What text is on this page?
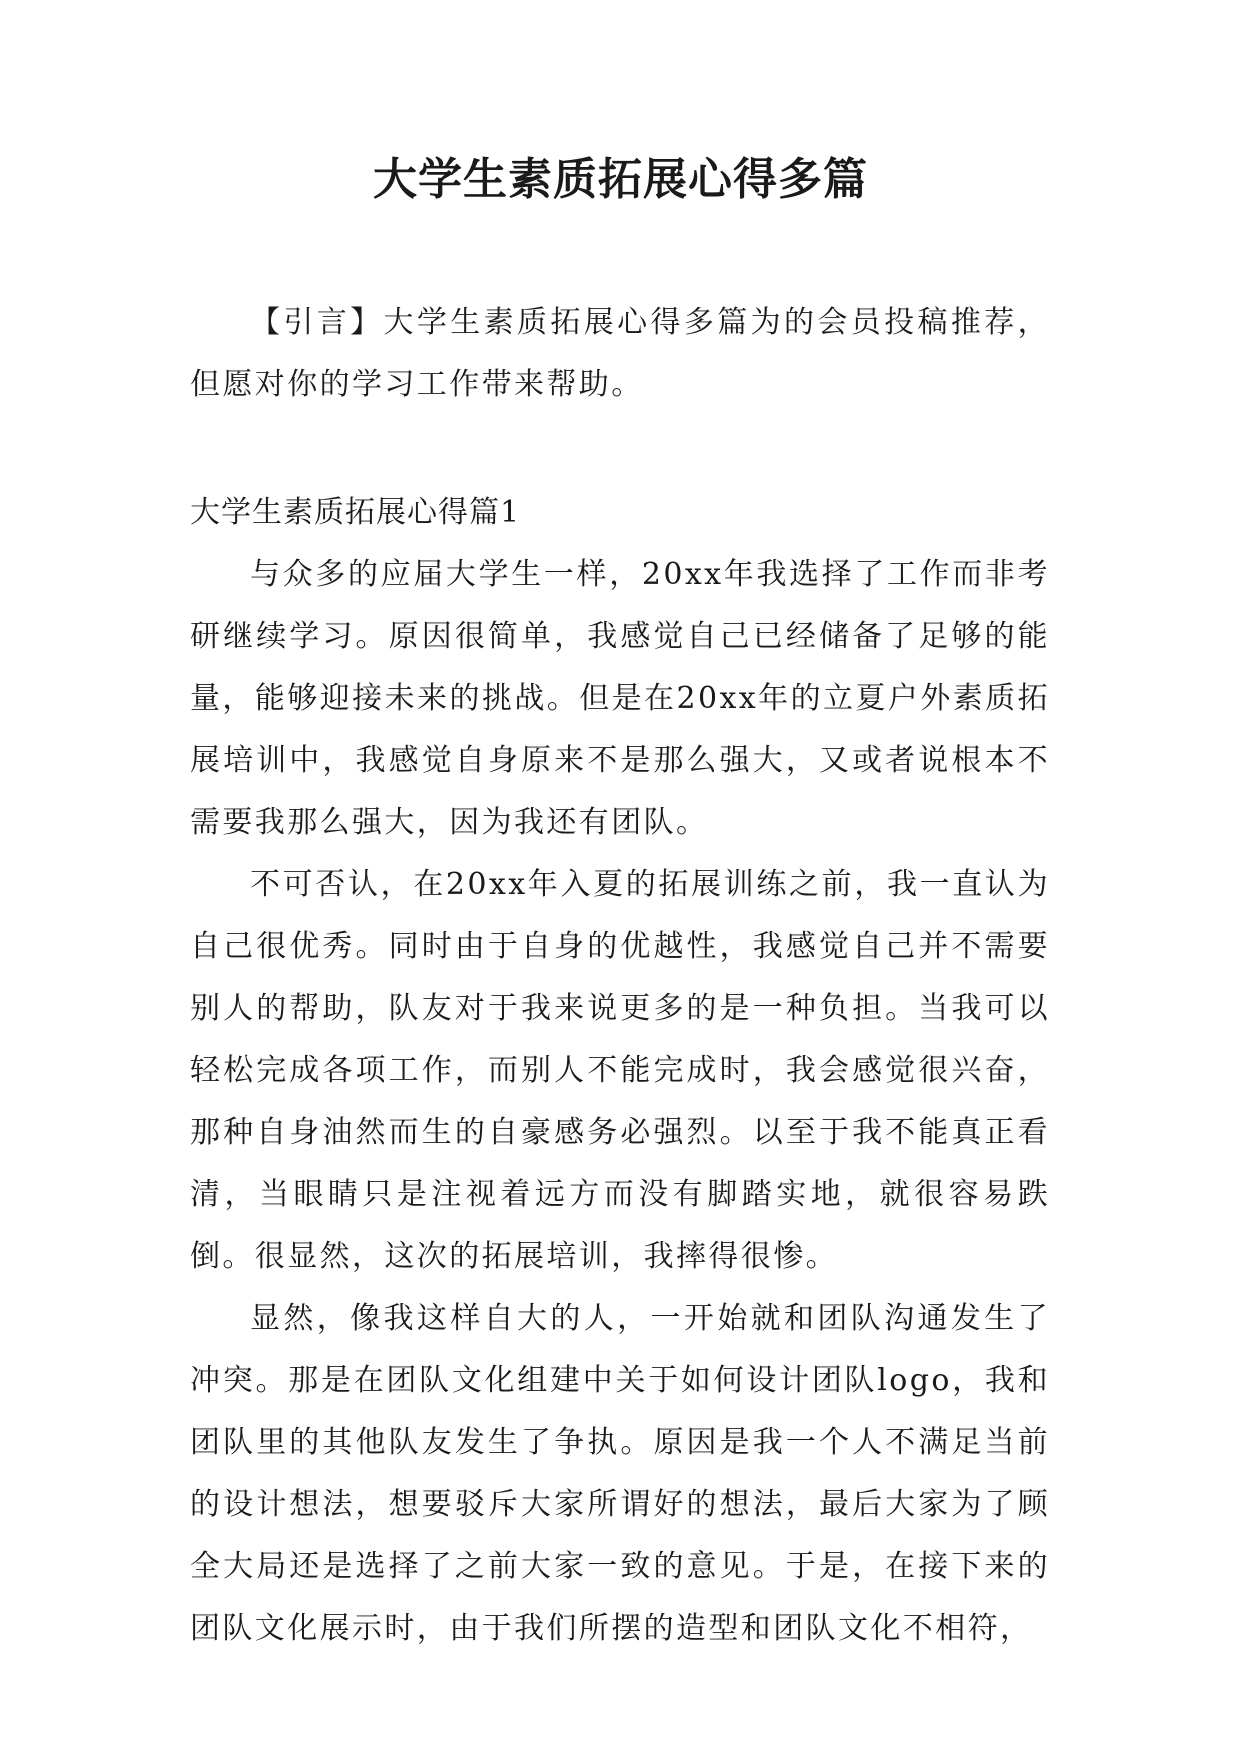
大学生素质拓展心得多篇

【引言】大学生素质拓展心得多篇为的会员投稿推荐，但愿对你的学习工作带来帮助。

大学生素质拓展心得篇1

与众多的应届大学生一样，20xx年我选择了工作而非考研继续学习。原因很简单，我感觉自己已经储备了足够的能量，能够迎接未来的挑战。但是在20xx年的立夏户外素质拓展培训中，我感觉自身原来不是那么强大，又或者说根本不需要我那么强大，因为我还有团队。

不可否认，在20xx年入夏的拓展训练之前，我一直认为自己很优秀。同时由于自身的优越性，我感觉自己并不需要别人的帮助，队友对于我来说更多的是一种负担。当我可以轻松完成各项工作，而别人不能完成时，我会感觉很兴奋，那种自身油然而生的自豪感务必强烈。以至于我不能真正看清，当眼睛只是注视着远方而没有脚踏实地，就很容易跌倒。很显然，这次的拓展培训，我摔得很惨。

显然，像我这样自大的人，一开始就和团队沟通发生了冲突。那是在团队文化组建中关于如何设计团队logo，我和团队里的其他队友发生了争执。原因是我一个人不满足当前的设计想法，想要驳斥大家所谓好的想法，最后大家为了顾全大局还是选择了之前大家一致的意见。于是，在接下来的团队文化展示时，由于我们所摆的造型和团队文化不相符，
